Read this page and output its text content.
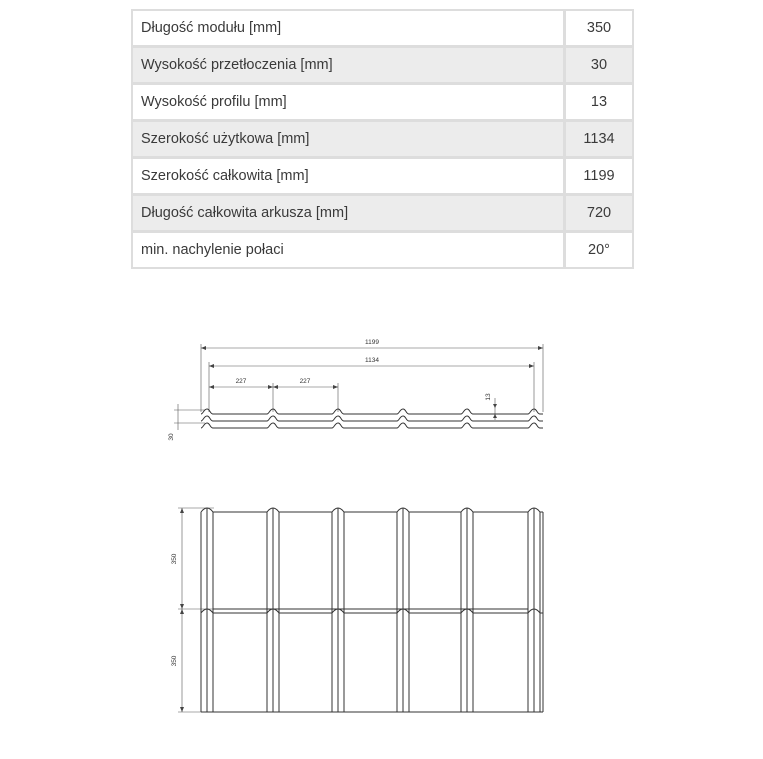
Długość modułu [mm]	350
Wysokość przetłoczenia [mm]	30
Wysokość profilu [mm]	13
Szerokość użytkowa [mm]	1134
Szerokość całkowita [mm]	1199
Długość całkowita arkusza [mm]	720
min. nachylenie połaci	20°
1199
1134
227	227
13
30
350
350
